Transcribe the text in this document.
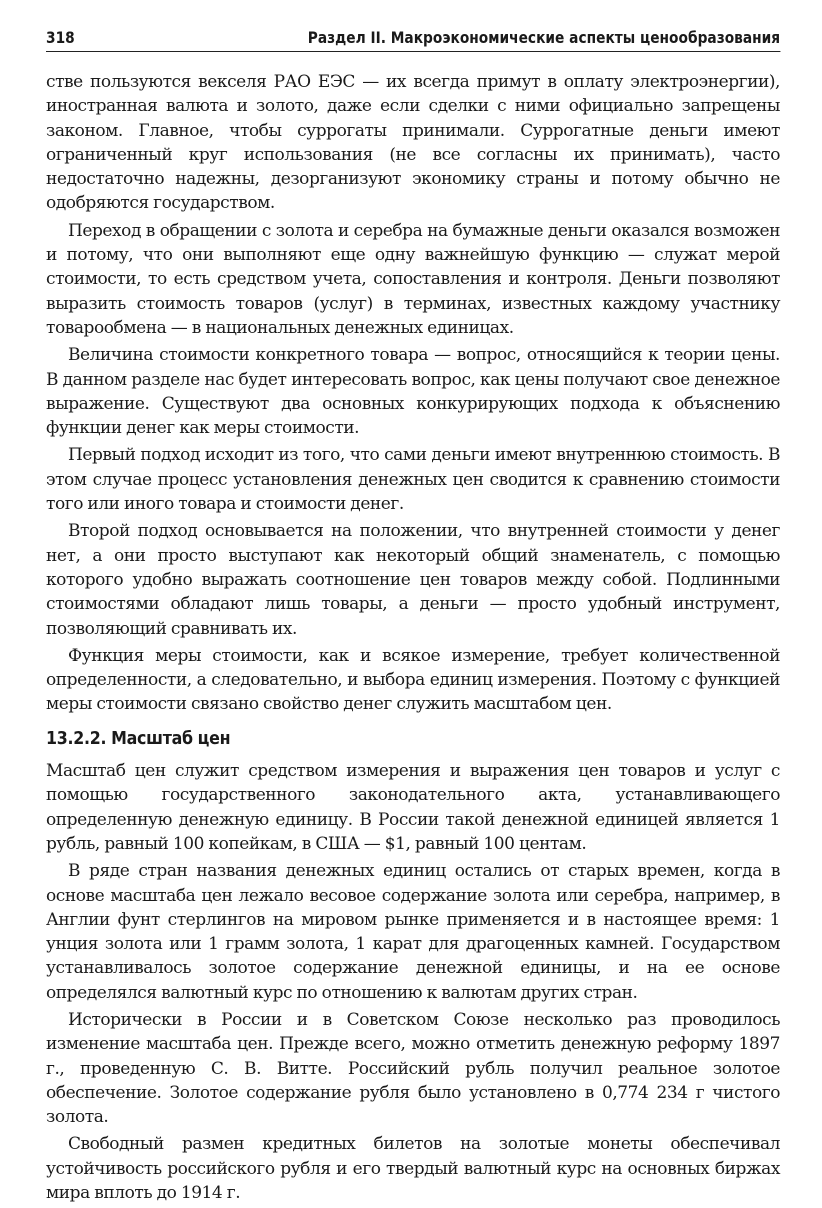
318	Раздел II. Макроэкономические аспекты ценообразования

стве пользуются векселя РАО ЕЭС — их всегда примут в оплату электроэнергии), иностранная валюта и золото, даже если сделки с ними официально запрещены законом. Главное, чтобы суррогаты принимали. Суррогатные деньги имеют ограниченный круг использования (не все согласны их принимать), часто недостаточно надежны, дезорганизуют экономику страны и потому обычно не одобряются государством.

Переход в обращении с золота и серебра на бумажные деньги оказался возможен и потому, что они выполняют еще одну важнейшую функцию — служат мерой стоимости, то есть средством учета, сопоставления и контроля. Деньги позволяют выразить стоимость товаров (услуг) в терминах, известных каждому участнику товарообмена — в национальных денежных единицах.

Величина стоимости конкретного товара — вопрос, относящийся к теории цены. В данном разделе нас будет интересовать вопрос, как цены получают свое денежное выражение. Существуют два основных конкурирующих подхода к объяснению функции денег как меры стоимости.

Первый подход исходит из того, что сами деньги имеют внутреннюю стоимость. В этом случае процесс установления денежных цен сводится к сравнению стоимости того или иного товара и стоимости денег.

Второй подход основывается на положении, что внутренней стоимости у денег нет, а они просто выступают как некоторый общий знаменатель, с помощью которого удобно выражать соотношение цен товаров между собой. Подлинными стоимостями обладают лишь товары, а деньги — просто удобный инструмент, позволяющий сравнивать их.

Функция меры стоимости, как и всякое измерение, требует количественной определенности, а следовательно, и выбора единиц измерения. Поэтому с функцией меры стоимости связано свойство денег служить масштабом цен.

13.2.2. Масштаб цен

Масштаб цен служит средством измерения и выражения цен товаров и услуг с помощью государственного законодательного акта, устанавливающего определенную денежную единицу. В России такой денежной единицей является 1 рубль, равный 100 копейкам, в США — $1, равный 100 центам.

В ряде стран названия денежных единиц остались от старых времен, когда в основе масштаба цен лежало весовое содержание золота или серебра, например, в Англии фунт стерлингов на мировом рынке применяется и в настоящее время: 1 унция золота или 1 грамм золота, 1 карат для драгоценных камней. Государством устанавливалось золотое содержание денежной единицы, и на ее основе определялся валютный курс по отношению к валютам других стран.

Исторически в России и в Советском Союзе несколько раз проводилось изменение масштаба цен. Прежде всего, можно отметить денежную реформу 1897 г., проведенную С. В. Витте. Российский рубль получил реальное золотое обеспечение. Золотое содержание рубля было установлено в 0,774 234 г чистого золота.

Свободный размен кредитных билетов на золотые монеты обеспечивал устойчивость российского рубля и его твердый валютный курс на основных биржах мира вплоть до 1914 г.
